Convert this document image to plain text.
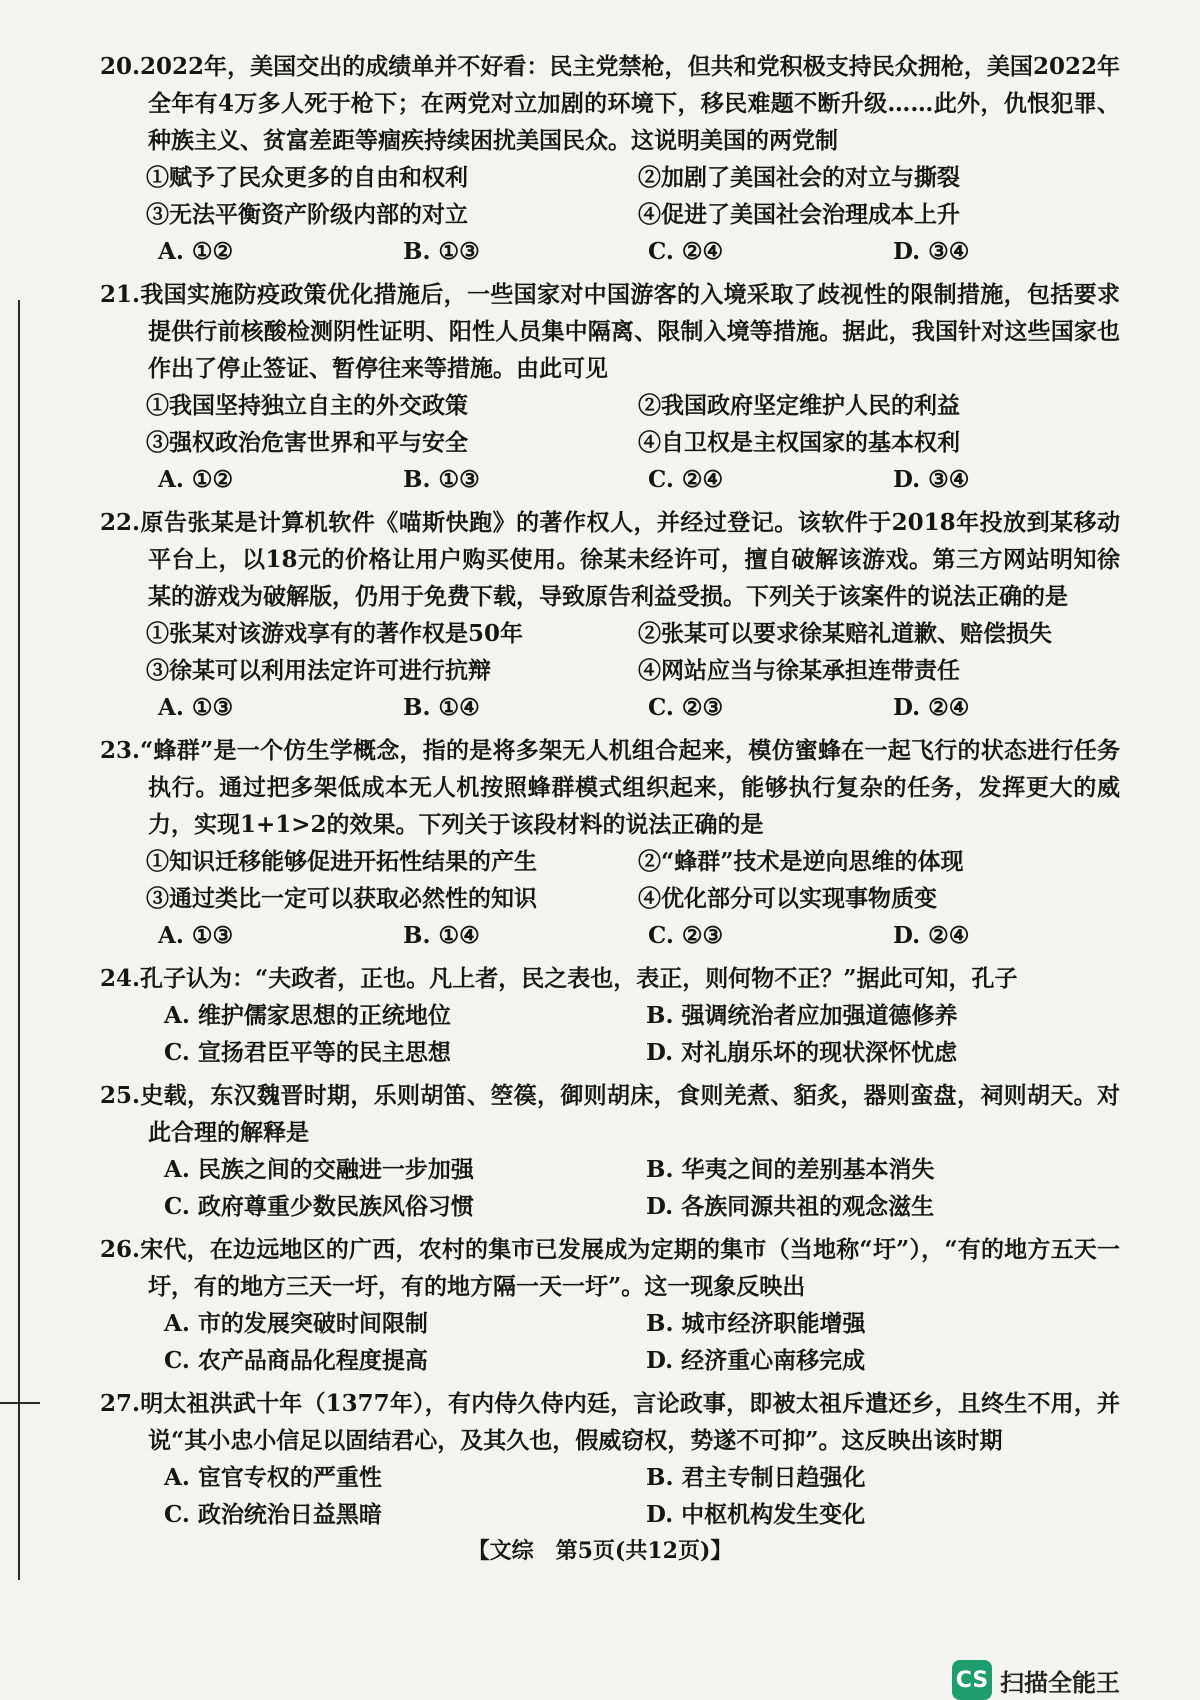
20.2022年，美国交出的成绩单并不好看：民主党禁枪，但共和党积极支持民众拥枪，美国2022年全年有4万多人死于枪下；在两党对立加剧的环境下，移民难题不断升级……此外，仇恨犯罪、种族主义、贫富差距等痼疾持续困扰美国民众。这说明美国的两党制

①赋予了民众更多的自由和权利	②加剧了美国社会的对立与撕裂
③无法平衡资产阶级内部的对立	④促进了美国社会治理成本上升
A. ①②	B. ①③	C. ②④	D. ③④

21.我国实施防疫政策优化措施后，一些国家对中国游客的入境采取了歧视性的限制措施，包括要求提供行前核酸检测阴性证明、阳性人员集中隔离、限制入境等措施。据此，我国针对这些国家也作出了停止签证、暂停往来等措施。由此可见

①我国坚持独立自主的外交政策	②我国政府坚定维护人民的利益
③强权政治危害世界和平与安全	④自卫权是主权国家的基本权利
A. ①②	B. ①③	C. ②④	D. ③④

22.原告张某是计算机软件《喵斯快跑》的著作权人，并经过登记。该软件于2018年投放到某移动平台上，以18元的价格让用户购买使用。徐某未经许可，擅自破解该游戏。第三方网站明知徐某的游戏为破解版，仍用于免费下载，导致原告利益受损。下列关于该案件的说法正确的是

①张某对该游戏享有的著作权是50年	②张某可以要求徐某赔礼道歉、赔偿损失
③徐某可以利用法定许可进行抗辩	④网站应当与徐某承担连带责任
A. ①③	B. ①④	C. ②③	D. ②④

23.“蜂群”是一个仿生学概念，指的是将多架无人机组合起来，模仿蜜蜂在一起飞行的状态进行任务执行。通过把多架低成本无人机按照蜂群模式组织起来，能够执行复杂的任务，发挥更大的威力，实现1+1>2的效果。下列关于该段材料的说法正确的是

①知识迁移能够促进开拓性结果的产生	②“蜂群”技术是逆向思维的体现
③通过类比一定可以获取必然性的知识	④优化部分可以实现事物质变
A. ①③	B. ①④	C. ②③	D. ②④

24.孔子认为：“夫政者，正也。凡上者，民之表也，表正，则何物不正？”据此可知，孔子

A. 维护儒家思想的正统地位	B. 强调统治者应加强道德修养
C. 宣扬君臣平等的民主思想	D. 对礼崩乐坏的现状深怀忧虑

25.史载，东汉魏晋时期，乐则胡笛、箜篌，御则胡床，食则羌煮、貊炙，器则蛮盘，祠则胡天。对此合理的解释是

A. 民族之间的交融进一步加强	B. 华夷之间的差别基本消失
C. 政府尊重少数民族风俗习惯	D. 各族同源共祖的观念滋生

26.宋代，在边远地区的广西，农村的集市已发展成为定期的集市（当地称“圩”），“有的地方五天一圩，有的地方三天一圩，有的地方隔一天一圩”。这一现象反映出

A. 市的发展突破时间限制	B. 城市经济职能增强
C. 农产品商品化程度提高	D. 经济重心南移完成

27.明太祖洪武十年（1377年），有内侍久侍内廷，言论政事，即被太祖斥遣还乡，且终生不用，并说“其小忠小信足以固结君心，及其久也，假威窃权，势遂不可抑”。这反映出该时期

A. 宦官专权的严重性	B. 君主专制日趋强化
C. 政治统治日益黑暗	D. 中枢机构发生变化
【文综　第5页(共12页)】
CS 扫描全能王
